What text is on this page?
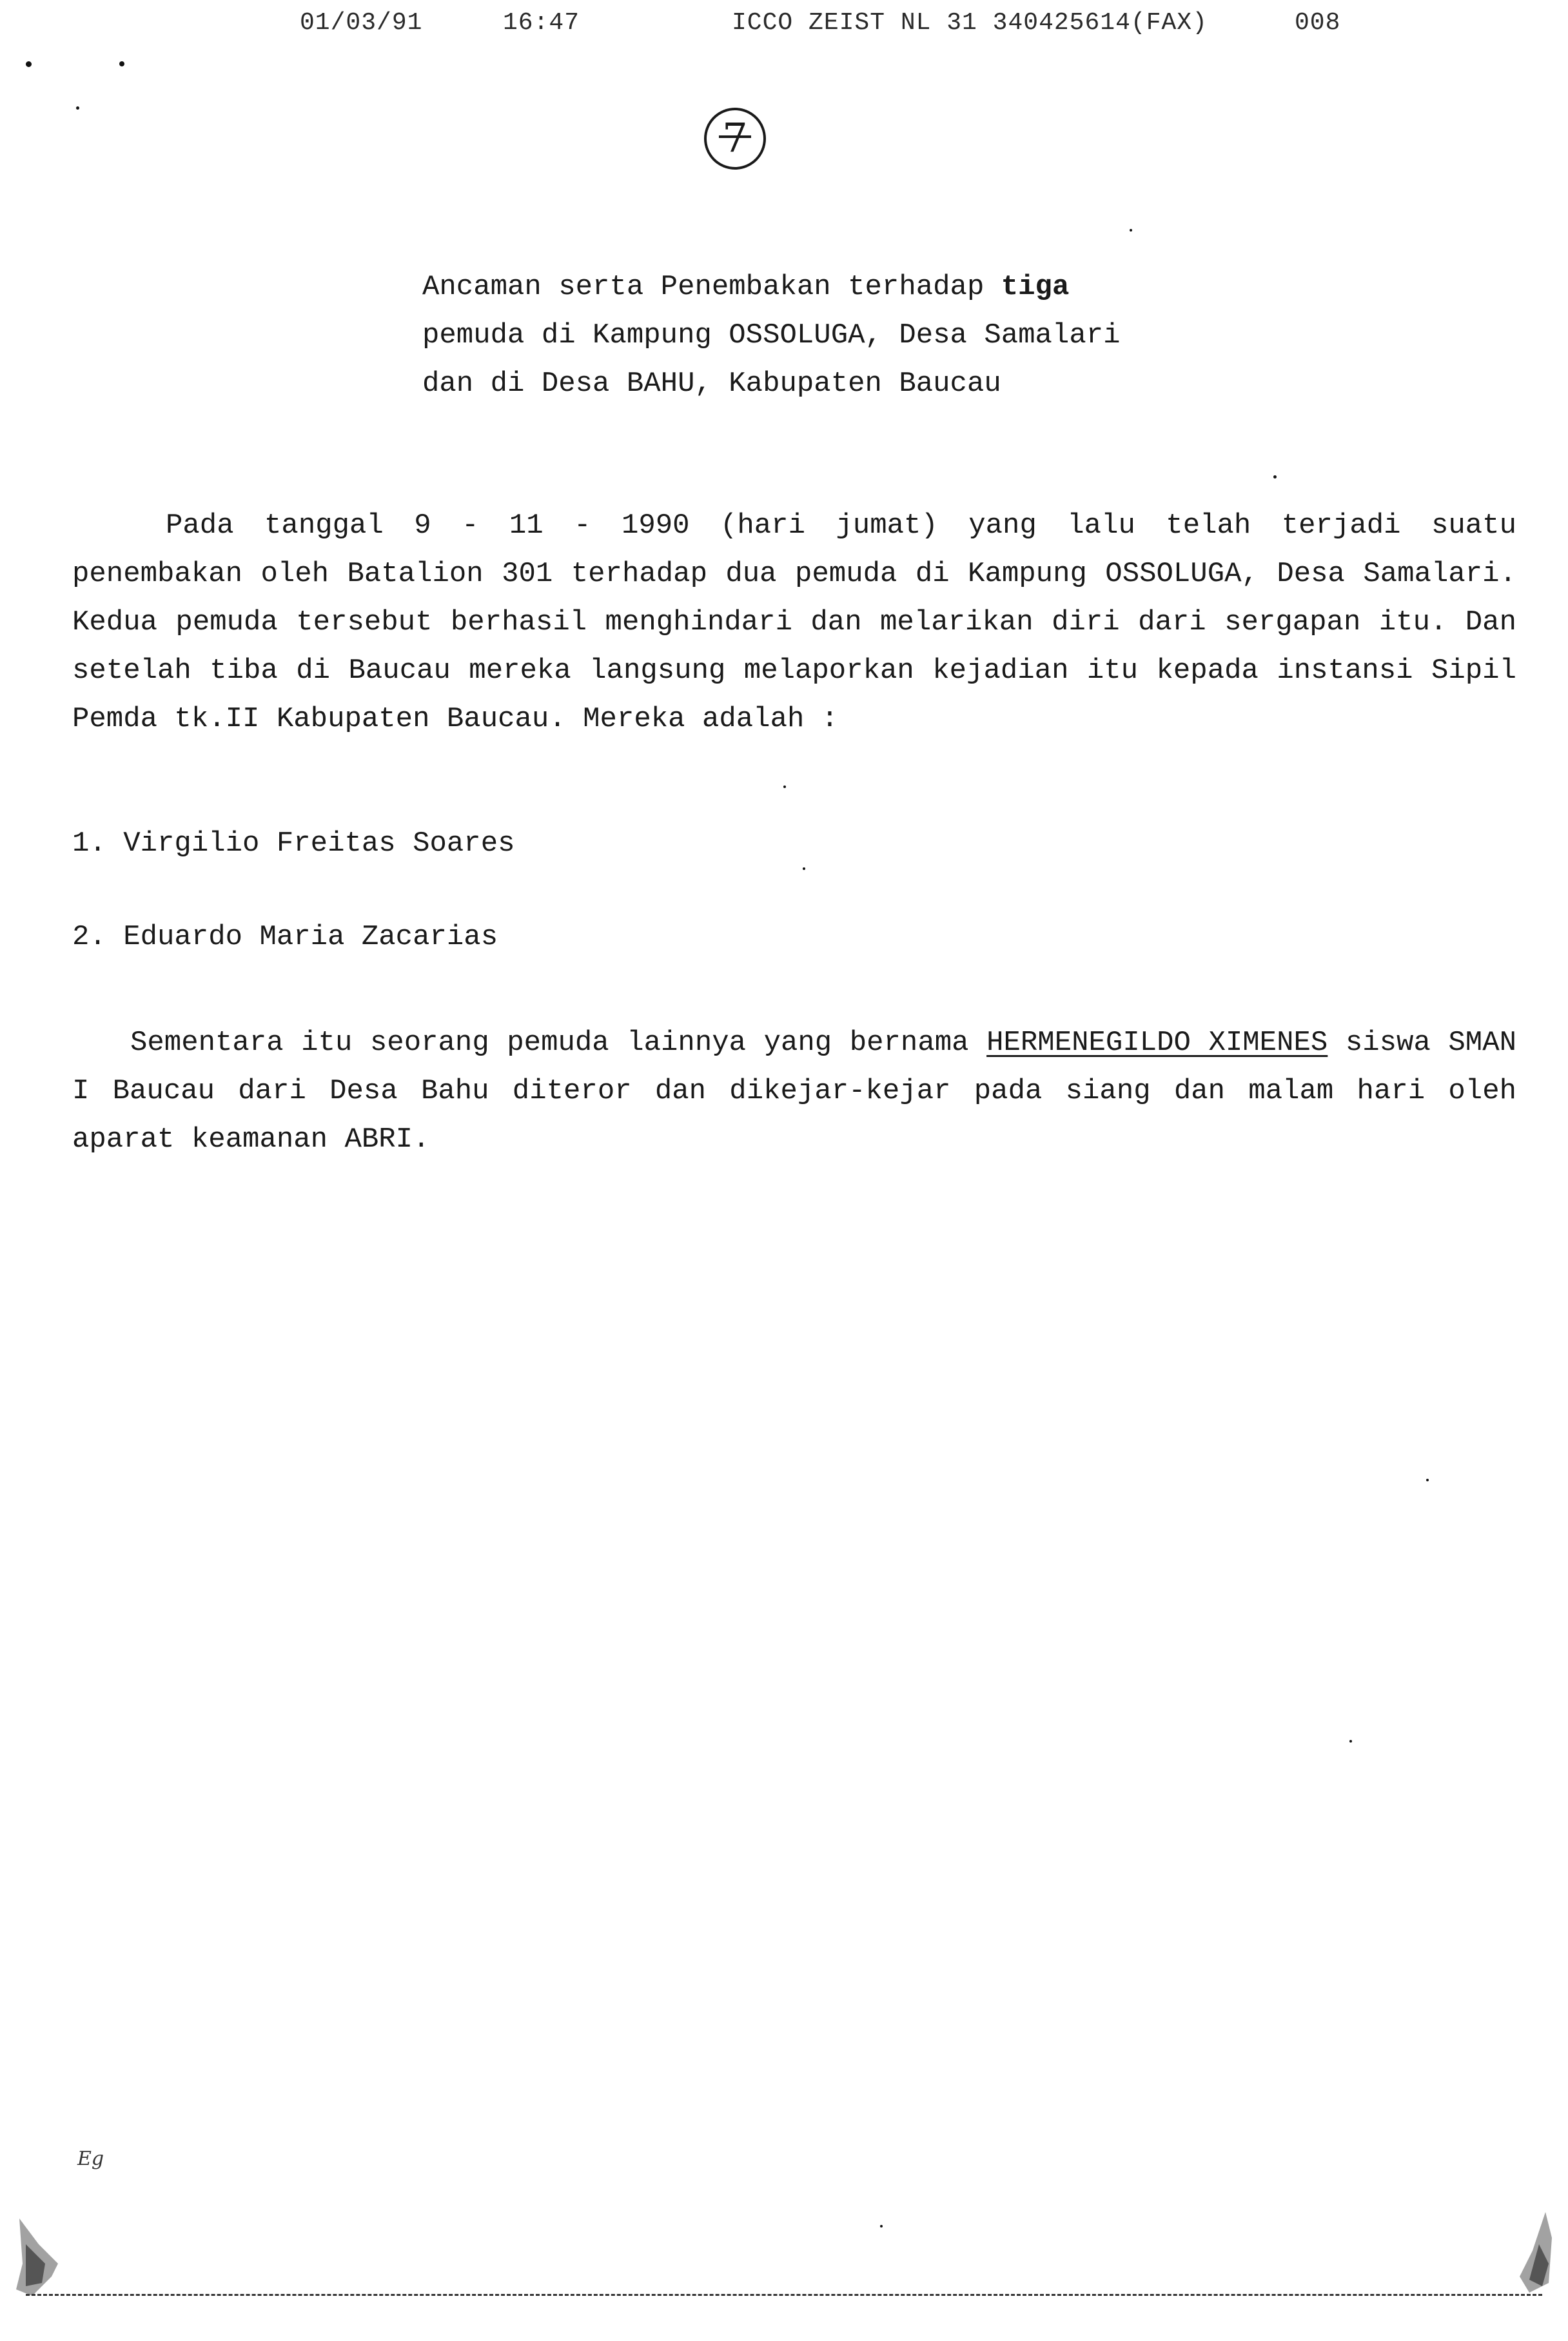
01/03/91	16:47	ICCO ZEIST NL 31 340425614(FAX)	008
7
Ancaman serta Penembakan terhadap tiga
pemuda di Kampung OSSOLUGA, Desa Samalari
dan di Desa BAHU, Kabupaten Baucau
Pada tanggal 9 - 11 - 1990 (hari jumat) yang lalu telah terjadi suatu penembakan oleh Batalion 301 terhadap dua pemuda di Kampung OSSOLUGA, Desa Samalari. Kedua pemuda tersebut berhasil menghindari dan melarikan diri dari sergapan itu. Dan setelah tiba di Baucau mereka langsung melaporkan kejadian itu kepada instansi Sipil Pemda tk.II Kabupaten Baucau. Mereka adalah :
1. Virgilio Freitas Soares
2. Eduardo Maria Zacarias
Sementara itu seorang pemuda lainnya yang bernama HERMENEGILDO XIMENES siswa SMAN I Baucau dari Desa Bahu diteror dan dikejar-kejar pada siang dan malam hari oleh aparat keamanan ABRI.
Eg
